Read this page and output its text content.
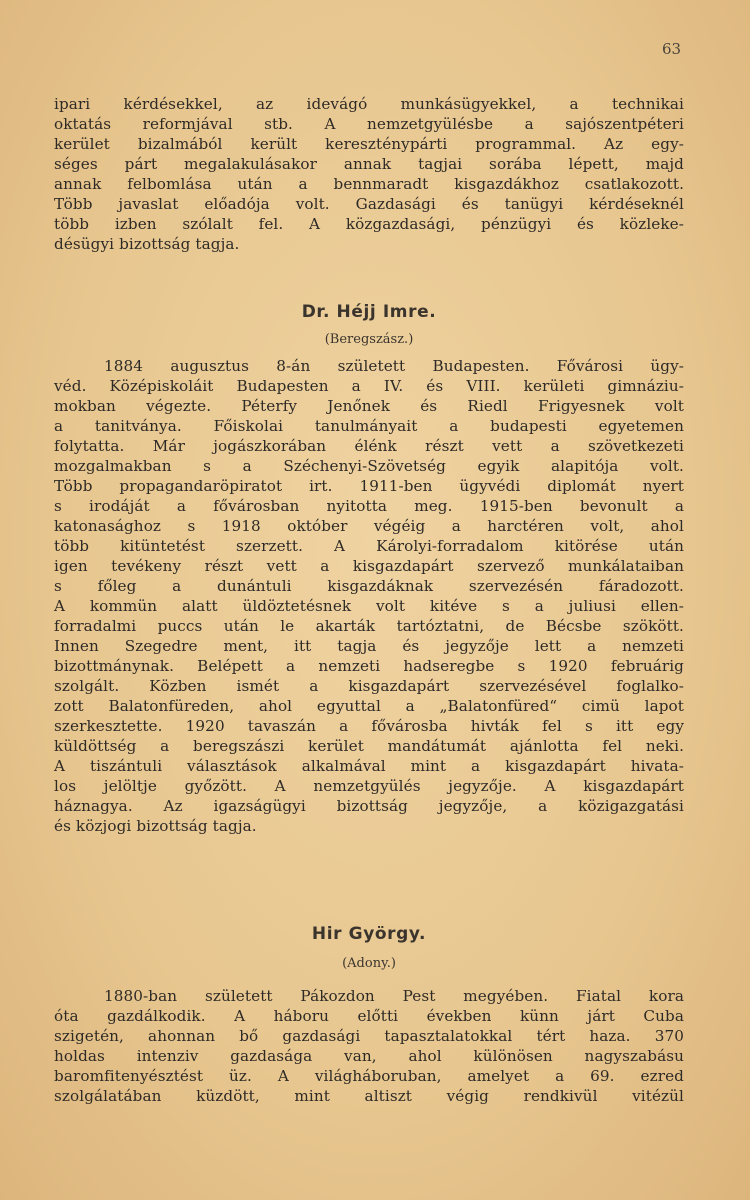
63
ipari kérdésekkel, az idevágó munkásügyekkel, a technikai
oktatás reformjával stb. A nemzetgyülésbe a sajószentpéteri
kerület bizalmából került kereszténypárti programmal. Az egy-
séges párt megalakulásakor annak tagjai sorába lépett, majd
annak felbomlása után a bennmaradt kisgazdákhoz csatlakozott.
Több javaslat előadója volt. Gazdasági és tanügyi kérdéseknél
több izben szólalt fel. A közgazdasági, pénzügyi és közleke-
désügyi bizottság tagja.
Dr. Héjj Imre.
(Beregszász.)
1884 augusztus 8-án született Budapesten. Fővárosi ügy-
véd. Középiskoláit Budapesten a IV. és VIII. kerületi gimnáziu-
mokban végezte. Péterfy Jenőnek és Riedl Frigyesnek volt
a tanitványa. Főiskolai tanulmányait a budapesti egyetemen
folytatta. Már jogászkorában élénk részt vett a szövetkezeti
mozgalmakban s a Széchenyi-Szövetség egyik alapitója volt.
Több propagandaröpiratot irt. 1911-ben ügyvédi diplomát nyert
s irodáját a fővárosban nyitotta meg. 1915-ben bevonult a
katonasághoz s 1918 október végéig a harctéren volt, ahol
több kitüntetést szerzett. A Károlyi-forradalom kitörése után
igen tevékeny részt vett a kisgazdapárt szervező munkálataiban
s főleg a dunántuli kisgazdáknak szervezésén fáradozott.
A kommün alatt üldöztetésnek volt kitéve s a juliusi ellen-
forradalmi puccs után le akarták tartóztatni, de Bécsbe szökött.
Innen Szegedre ment, itt tagja és jegyzője lett a nemzeti
bizottmánynak. Belépett a nemzeti hadseregbe s 1920 februárig
szolgált. Közben ismét a kisgazdapárt szervezésével foglalko-
zott Balatonfüreden, ahol egyuttal a „Balatonfüred“ cimü lapot
szerkesztette. 1920 tavaszán a fővárosba hivták fel s itt egy
küldöttség a beregszászi kerület mandátumát ajánlotta fel neki.
A tiszántuli választások alkalmával mint a kisgazdapárt hivata-
los jelöltje győzött. A nemzetgyülés jegyzője. A kisgazdapárt
háznagya. Az igazságügyi bizottság jegyzője, a közigazgatási
és közjogi bizottság tagja.
Hir György.
(Adony.)
1880-ban született Pákozdon Pest megyében. Fiatal kora
óta gazdálkodik. A háboru előtti években künn járt Cuba
szigetén, ahonnan bő gazdasági tapasztalatokkal tért haza. 370
holdas intenziv gazdasága van, ahol különösen nagyszabásu
baromfitenyésztést üz. A világháboruban, amelyet a 69. ezred
szolgálatában küzdött, mint altiszt végig rendkivül vitézül
